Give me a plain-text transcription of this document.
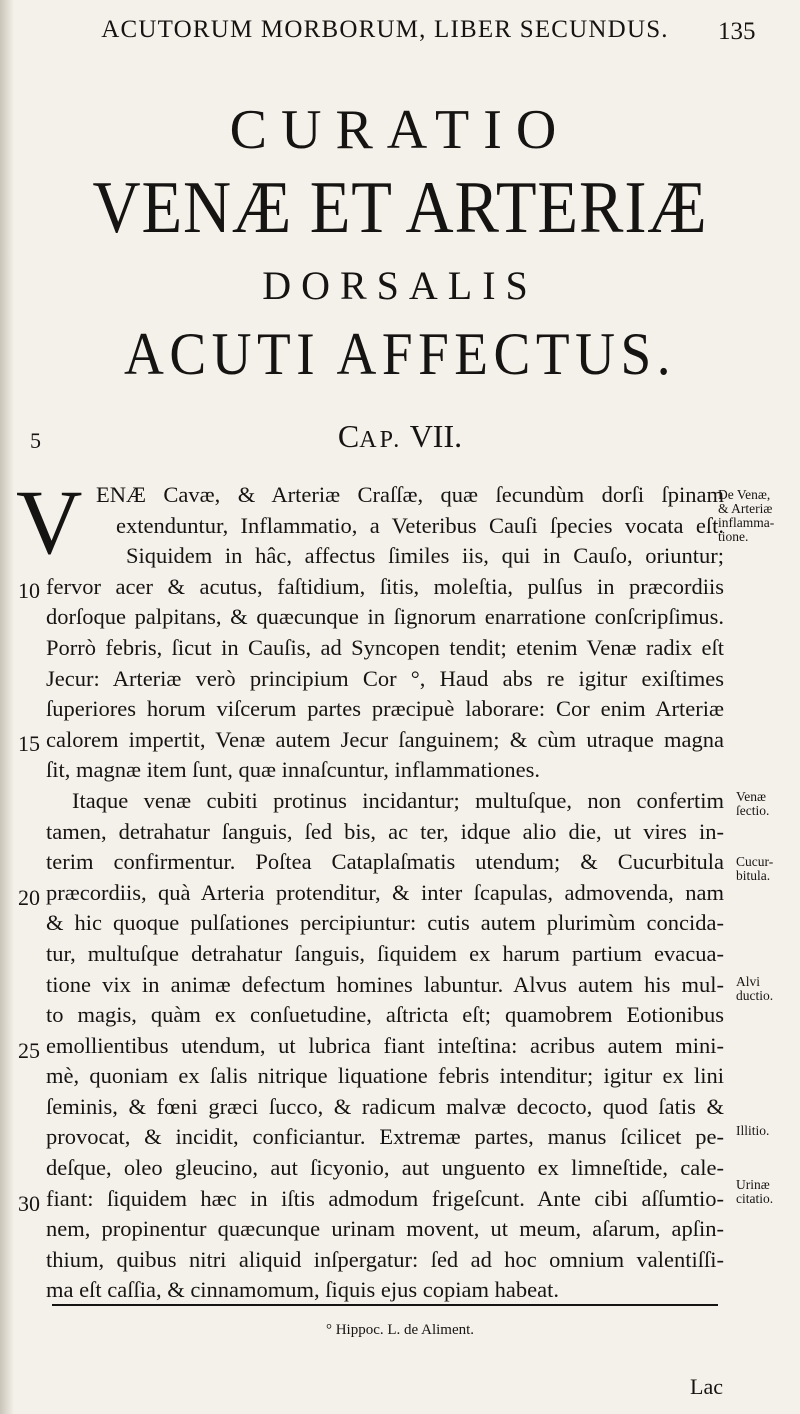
ACUTORUM MORBORUM, LIBER SECUNDUS.	135
CURATIO
VENÆ ET ARTERIÆ
DORSALIS
ACUTI AFFECTUS.
CAP. VII.
5
10
15
20
25
30
V ENÆ Cavæ, & Arteriæ Craſſæ, quæ ſecundùm dorſi ſpinam
extenduntur, Inflammatio, a Veteribus Cauſi ſpecies vocata eſt.
Siquidem in hâc, affectus ſimiles iis, qui in Cauſo, oriuntur;
fervor acer & acutus, faſtidium, ſitis, moleſtia, pulſus in præcordiis
dorſoque palpitans, & quæcunque in ſignorum enarratione conſcripſimus.
Porrò febris, ſicut in Cauſis, ad Syncopen tendit; etenim Venæ radix eſt
Jecur: Arteriæ verò principium Cor °, Haud abs re igitur exiſtimes
ſuperiores horum viſcerum partes præcipuè laborare: Cor enim Arteriæ
calorem impertit, Venæ autem Jecur ſanguinem; & cùm utraque magna
ſit, magnæ item ſunt, quæ innaſcuntur, inflammationes.
Itaque venæ cubiti protinus incidantur; multuſque, non confertim
tamen, detrahatur ſanguis, ſed bis, ac ter, idque alio die, ut vires in-
terim confirmentur. Poſtea Cataplaſmatis utendum; & Cucurbitula
præcordiis, quà Arteria protenditur, & inter ſcapulas, admovenda, nam
& hic quoque pulſationes percipiuntur: cutis autem plurimùm concida-
tur, multuſque detrahatur ſanguis, ſiquidem ex harum partium evacua-
tione vix in animæ defectum homines labuntur. Alvus autem his mul-
to magis, quàm ex conſuetudine, aſtricta eſt; quamobrem Eotionibus
emollientibus utendum, ut lubrica fiant inteſtina: acribus autem mini-
mè, quoniam ex ſalis nitrique liquatione febris intenditur; igitur ex lini
ſeminis, & fœni græci ſucco, & radicum malvæ decocto, quod ſatis &
provocat, & incidit, conficiantur. Extremæ partes, manus ſcilicet pe-
deſque, oleo gleucino, aut ſicyonio, aut unguento ex limneſtide, cale-
fiant: ſiquidem hæc in iſtis admodum frigeſcunt. Ante cibi aſſumtio-
nem, propinentur quæcunque urinam movent, ut meum, aſarum, apſin-
thium, quibus nitri aliquid inſpergatur: ſed ad hoc omnium valentiſſi-
ma eſt caſſia, & cinnamomum, ſiquis ejus copiam habeat.
De Venæ,
& Arteriæ
inflamma-
tione.
Venæ
ſectio.
Cucur-
bitula.
Alvi
ductio.
Illitio.
Urinæ
citatio.
° Hippoc. L. de Aliment.
Lac
